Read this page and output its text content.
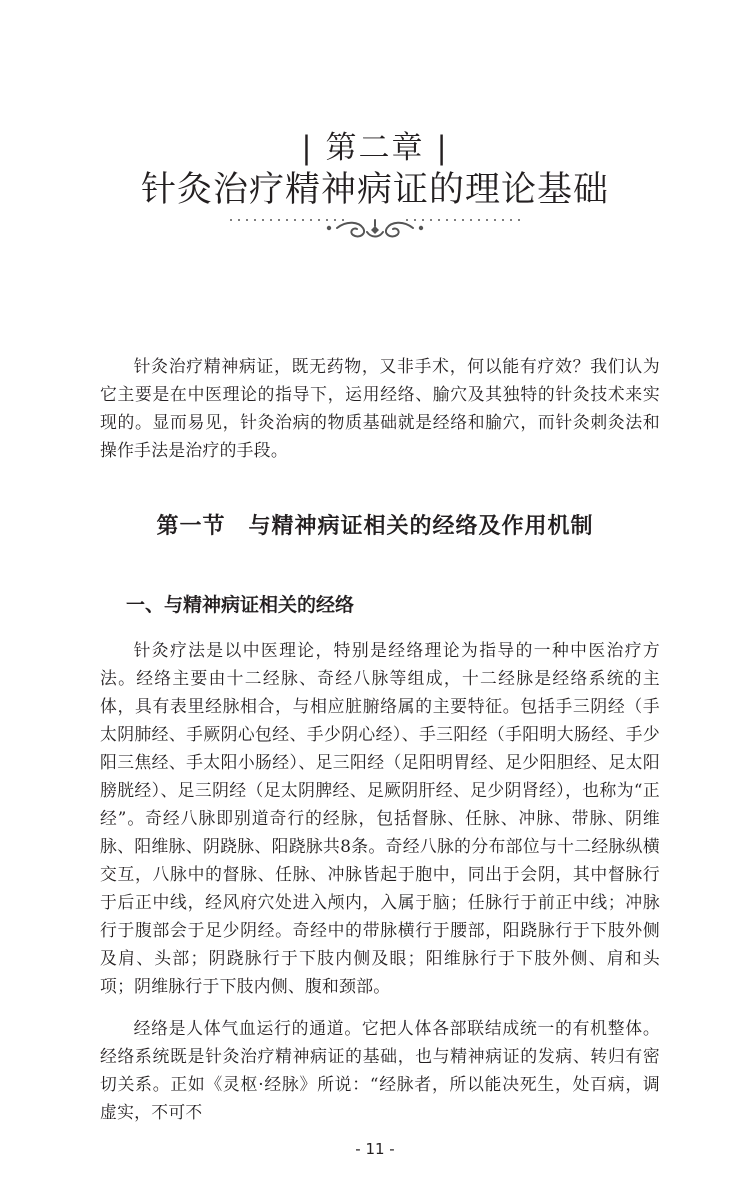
| 第二章 |
针灸治疗精神病证的理论基础

针灸治疗精神病证，既无药物，又非手术，何以能有疗效？我们认为它主要是在中医理论的指导下，运用经络、腧穴及其独特的针灸技术来实现的。显而易见，针灸治病的物质基础就是经络和腧穴，而针灸刺灸法和操作手法是治疗的手段。

第一节　与精神病证相关的经络及作用机制
一、与精神病证相关的经络

针灸疗法是以中医理论，特别是经络理论为指导的一种中医治疗方法。经络主要由十二经脉、奇经八脉等组成，十二经脉是经络系统的主体，具有表里经脉相合，与相应脏腑络属的主要特征。包括手三阴经（手太阴肺经、手厥阴心包经、手少阴心经）、手三阳经（手阳明大肠经、手少阳三焦经、手太阳小肠经）、足三阳经（足阳明胃经、足少阳胆经、足太阳膀胱经）、足三阴经（足太阴脾经、足厥阴肝经、足少阴肾经），也称为“正经”。奇经八脉即别道奇行的经脉，包括督脉、任脉、冲脉、带脉、阴维脉、阳维脉、阴跷脉、阳跷脉共8条。奇经八脉的分布部位与十二经脉纵横交互，八脉中的督脉、任脉、冲脉皆起于胞中，同出于会阴，其中督脉行于后正中线，经风府穴处进入颅内，入属于脑；任脉行于前正中线；冲脉行于腹部会于足少阴经。奇经中的带脉横行于腰部，阳跷脉行于下肢外侧及肩、头部；阴跷脉行于下肢内侧及眼；阳维脉行于下肢外侧、肩和头项；阴维脉行于下肢内侧、腹和颈部。

经络是人体气血运行的通道。它把人体各部联结成统一的有机整体。经络系统既是针灸治疗精神病证的基础，也与精神病证的发病、转归有密切关系。正如《灵枢·经脉》所说：“经脉者，所以能决死生，处百病，调虚实，不可不

- 11 -
